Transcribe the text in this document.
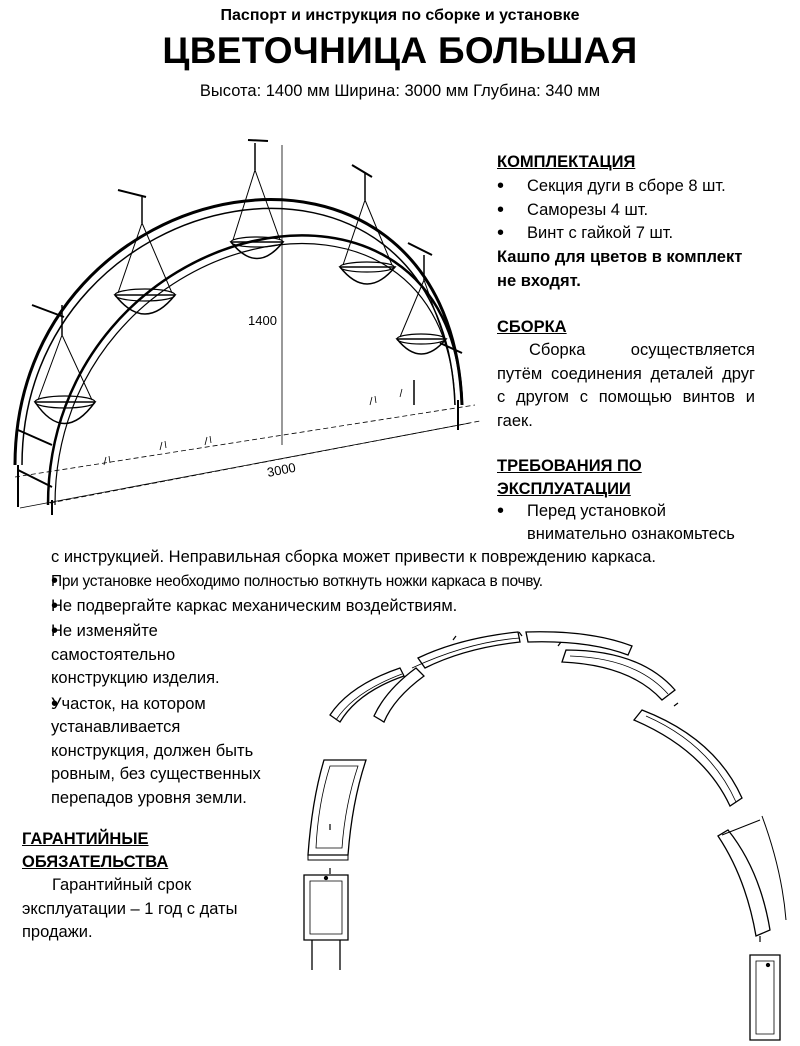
Паспорт и инструкция по сборке и установке
ЦВЕТОЧНИЦА БОЛЬШАЯ
Высота: 1400 мм Ширина: 3000 мм Глубина: 340 мм
1400
3000
КОМПЛЕКТАЦИЯ
• Секция дуги в сборе 8 шт.
• Саморезы 4 шт.
• Винт с гайкой 7 шт.
Кашпо для цветов в комплект не входят.
СБОРКА
Сборка осуществляется путём соединения деталей друг с другом с помощью винтов и гаек.
ТРЕБОВАНИЯ ПО
ЭКСПЛУАТАЦИИ
• Перед установкой
внимательно ознакомьтесь
с инструкцией. Неправильная сборка может привести к повреждению каркаса.
• При установке необходимо полностью воткнуть ножки каркаса в почву.
• Не подвергайте каркас механическим воздействиям.
• Не изменяйте самостоятельно конструкцию изделия.
• Участок, на котором устанавливается конструкция, должен быть ровным, без существенных перепадов уровня земли.
ГАРАНТИЙНЫЕ
ОБЯЗАТЕЛЬСТВА
Гарантийный срок эксплуатации – 1 год с даты продажи.
